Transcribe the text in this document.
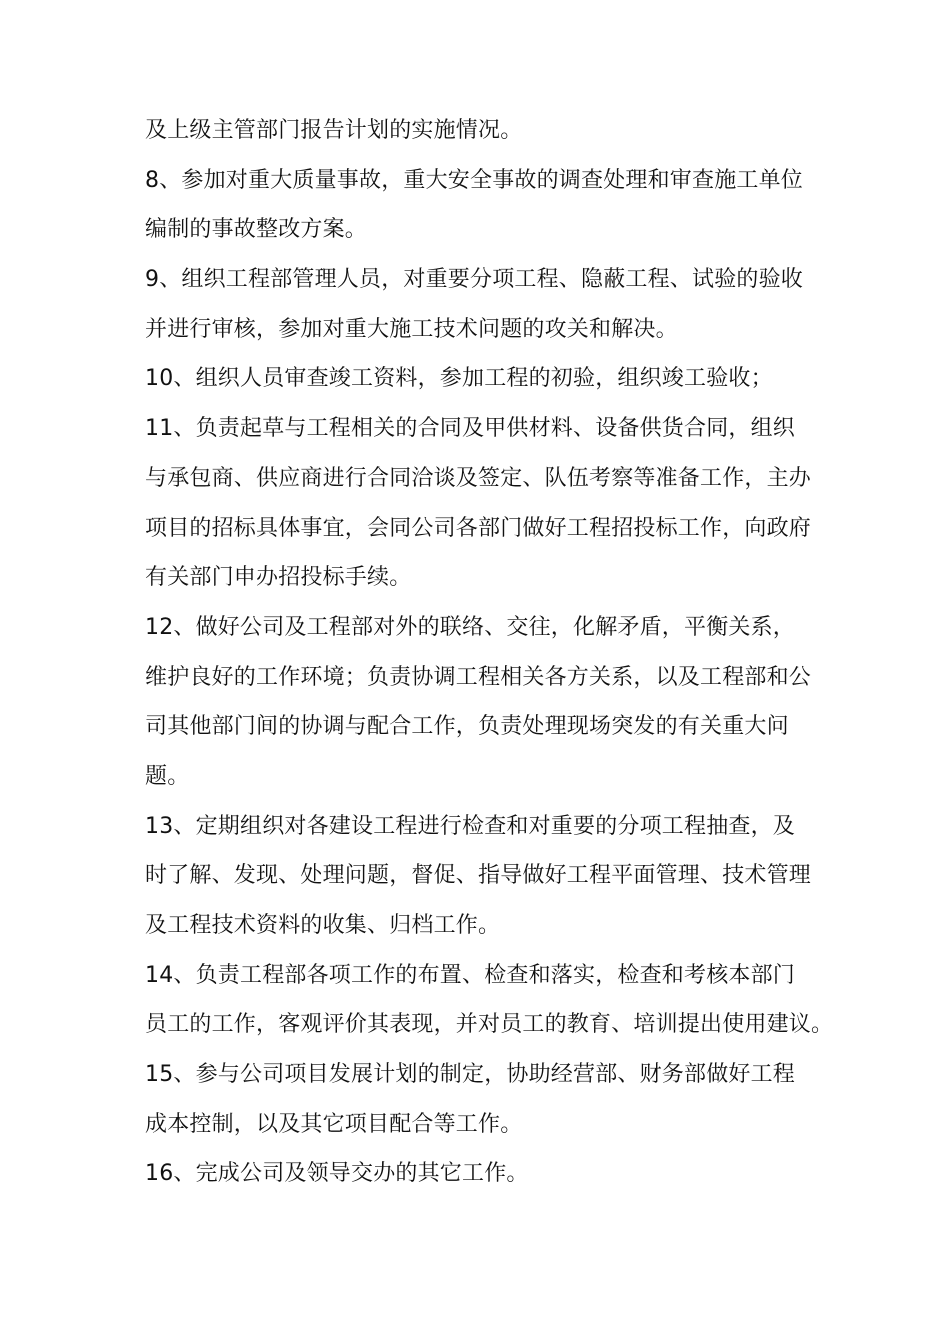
及上级主管部门报告计划的实施情况。
8、参加对重大质量事故，重大安全事故的调查处理和审查施工单位
编制的事故整改方案。
9、组织工程部管理人员，对重要分项工程、隐蔽工程、试验的验收
并进行审核，参加对重大施工技术问题的攻关和解决。
10、组织人员审查竣工资料，参加工程的初验，组织竣工验收；
11、负责起草与工程相关的合同及甲供材料、设备供货合同，组织
与承包商、供应商进行合同洽谈及签定、队伍考察等准备工作，主办
项目的招标具体事宜，会同公司各部门做好工程招投标工作，向政府
有关部门申办招投标手续。
12、做好公司及工程部对外的联络、交往，化解矛盾，平衡关系，
维护良好的工作环境；负责协调工程相关各方关系，以及工程部和公
司其他部门间的协调与配合工作，负责处理现场突发的有关重大问
题。
13、定期组织对各建设工程进行检查和对重要的分项工程抽查，及
时了解、发现、处理问题，督促、指导做好工程平面管理、技术管理
及工程技术资料的收集、归档工作。
14、负责工程部各项工作的布置、检查和落实，检查和考核本部门
员工的工作，客观评价其表现，并对员工的教育、培训提出使用建议。
15、参与公司项目发展计划的制定，协助经营部、财务部做好工程
成本控制，以及其它项目配合等工作。
16、完成公司及领导交办的其它工作。
